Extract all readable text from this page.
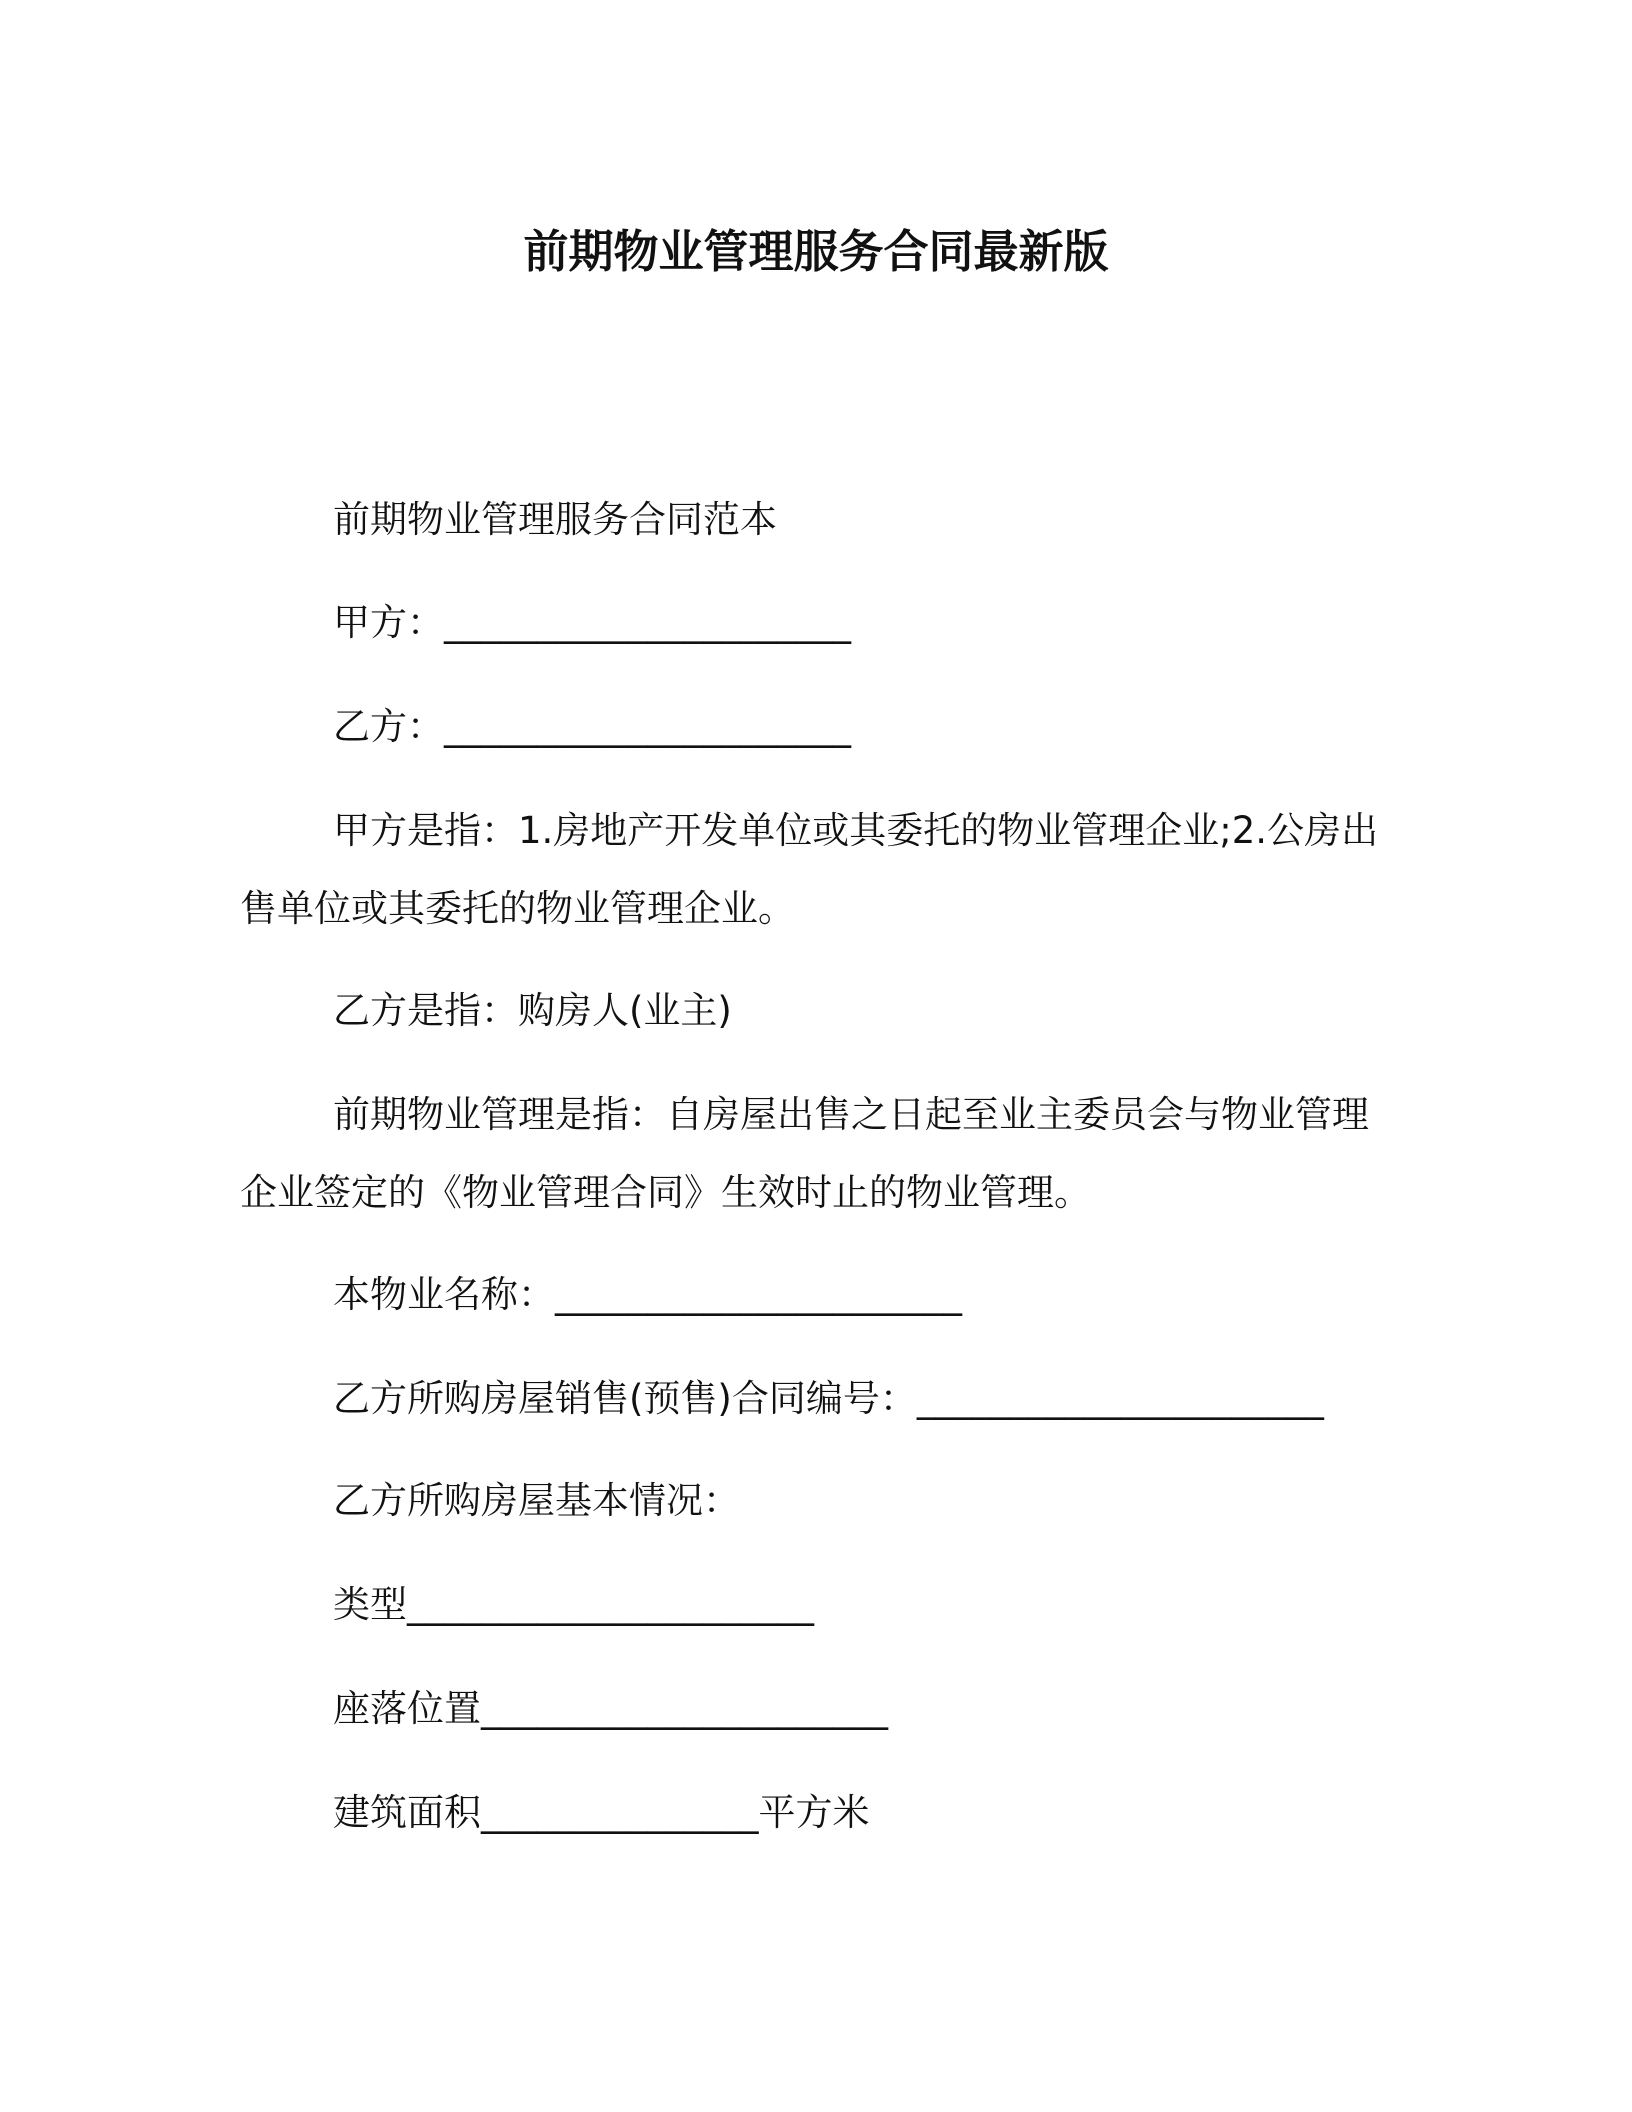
前期物业管理服务合同最新版
前期物业管理服务合同范本
甲方：______________________
乙方：______________________
甲方是指：1.房地产开发单位或其委托的物业管理企业;2.公房出
售单位或其委托的物业管理企业。
乙方是指：购房人(业主)
前期物业管理是指：自房屋出售之日起至业主委员会与物业管理
企业签定的《物业管理合同》生效时止的物业管理。
本物业名称：______________________
乙方所购房屋销售(预售)合同编号：______________________
乙方所购房屋基本情况：
类型______________________
座落位置______________________
建筑面积_______________平方米
